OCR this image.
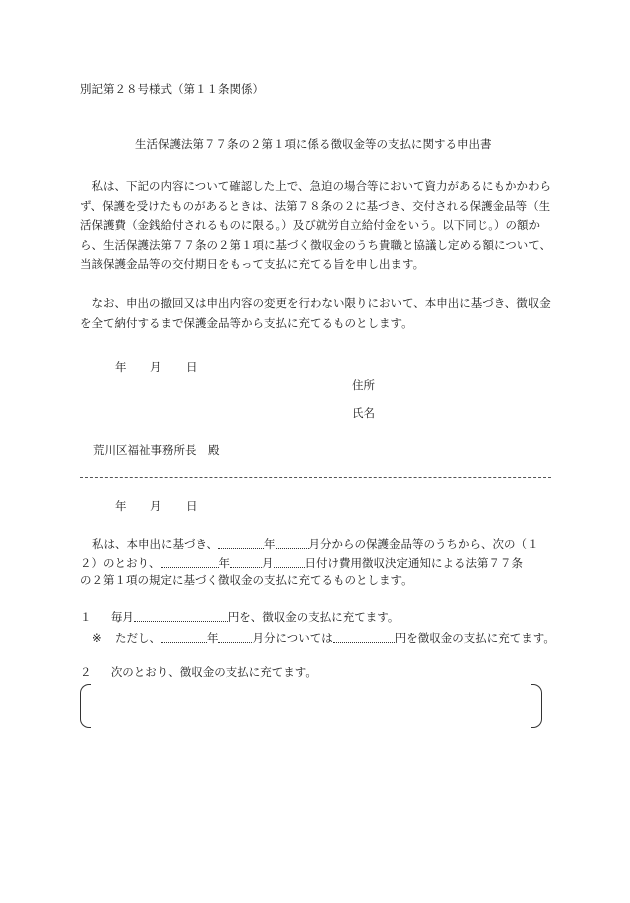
別記第２８号様式（第１１条関係）
生活保護法第７７条の２第１項に係る徴収金等の支払に関する申出書
私は、下記の内容について確認した上で、急迫の場合等において資力があるにもかかわらず、保護を受けたものがあるときは、法第７８条の２に基づき、交付される保護金品等（生活保護費（金銭給付されるものに限る。）及び就労自立給付金をいう。以下同じ。）の額から、生活保護法第７７条の２第１項に基づく徴収金のうち貴職と協議し定める額について、当該保護金品等の交付期日をもって支払に充てる旨を申し出ます。
なお、申出の撤回又は申出内容の変更を行わない限りにおいて、本申出に基づき、徴収金を全て納付するまで保護金品等から支払に充てるものとします。
年 月 日
住所
氏名
荒川区福祉事務所長　殿
年 月 日
私は、本申出に基づき、	年	月分からの保護金品等のうちから、次の（１
２）のとおり、	年	月	日付け費用徴収決定通知による法第７７条
の２第１項の規定に基づく徴収金の支払に充てるものとします。
１ 毎月	円を、徴収金の支払に充てます。
※ ただし、	年	月分については	円を徴収金の支払に充てます。
２ 次のとおり、徴収金の支払に充てます。
